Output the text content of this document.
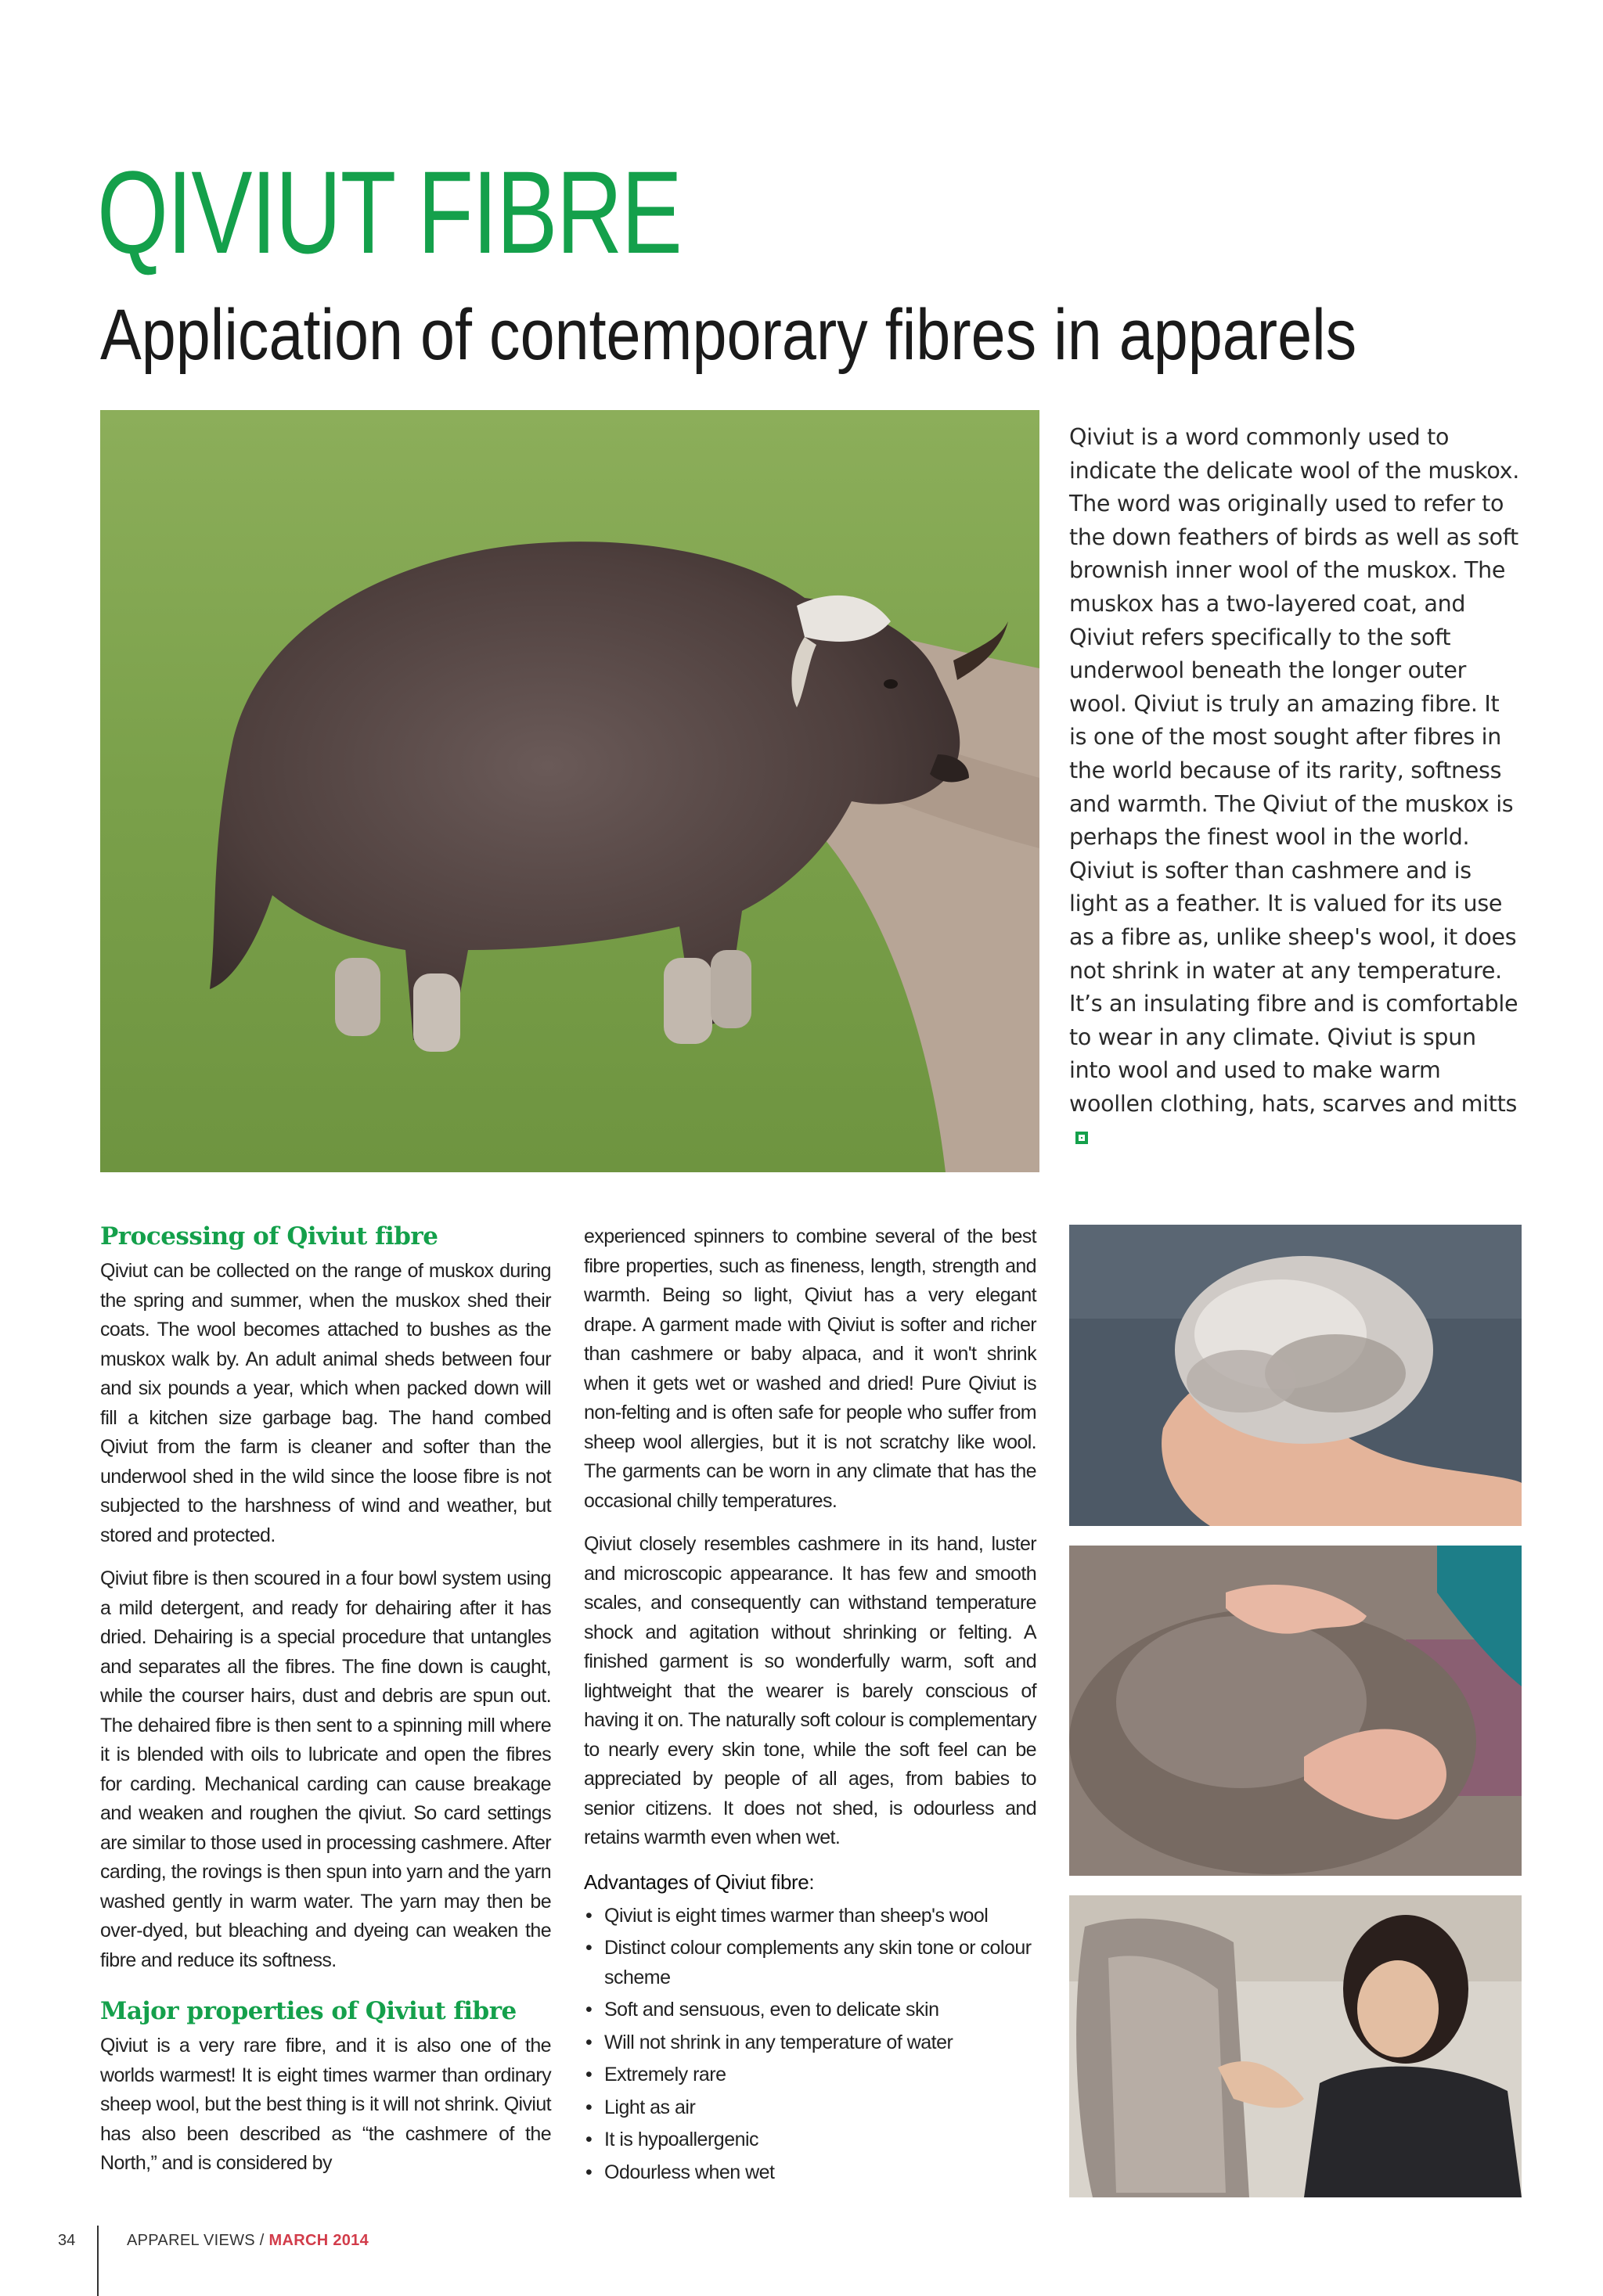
QIVIUT FIBRE
Application of contemporary fibres in apparels

Qiviut is a word commonly used to indicate the delicate wool of the muskox. The word was originally used to refer to the down feathers of birds as well as soft brownish inner wool of the muskox. The muskox has a two-layered coat, and Qiviut refers specifically to the soft underwool beneath the longer outer wool. Qiviut is truly an amazing fibre. It is one of the most sought after fibres in the world because of its rarity, softness and warmth. The Qiviut of the muskox is perhaps the finest wool in the world. Qiviut is softer than cashmere and is light as a feather. It is valued for its use as a fibre as, unlike sheep's wool, it does not shrink in water at any temperature. It’s an insulating fibre and is comfortable to wear in any climate. Qiviut is spun into wool and used to make warm woollen clothing, hats, scarves and mitts

Processing of Qiviut fibre

Qiviut can be collected on the range of muskox during the spring and summer, when the muskox shed their coats. The wool becomes attached to bushes as the muskox walk by. An adult animal sheds between four and six pounds a year, which when packed down will fill a kitchen size garbage bag. The hand combed Qiviut from the farm is cleaner and softer than the underwool shed in the wild since the loose fibre is not subjected to the harshness of wind and weather, but stored and protected.

Qiviut fibre is then scoured in a four bowl system using a mild detergent, and ready for dehairing after it has dried. Dehairing is a special procedure that untangles and separates all the fibres. The fine down is caught, while the courser hairs, dust and debris are spun out. The dehaired fibre is then sent to a spinning mill where it is blended with oils to lubricate and open the fibres for carding. Mechanical carding can cause breakage and weaken and roughen the qiviut. So card settings are similar to those used in processing cashmere. After carding, the rovings is then spun into yarn and the yarn washed gently in warm water. The yarn may then be over-dyed, but bleaching and dyeing can weaken the fibre and reduce its softness.

Major properties of Qiviut fibre

Qiviut is a very rare fibre, and it is also one of the worlds warmest! It is eight times warmer than ordinary sheep wool, but the best thing is it will not shrink. Qiviut has also been described as “the cashmere of the North,” and is considered by

experienced spinners to combine several of the best fibre properties, such as fineness, length, strength and warmth. Being so light, Qiviut has a very elegant drape. A garment made with Qiviut is softer and richer than cashmere or baby alpaca, and it won't shrink when it gets wet or washed and dried! Pure Qiviut is non-felting and is often safe for people who suffer from sheep wool allergies, but it is not scratchy like wool. The garments can be worn in any climate that has the occasional chilly temperatures.

Qiviut closely resembles cashmere in its hand, luster and microscopic appearance. It has few and smooth scales, and consequently can withstand temperature shock and agitation without shrinking or felting. A finished garment is so wonderfully warm, soft and lightweight that the wearer is barely conscious of having it on. The naturally soft colour is complementary to nearly every skin tone, while the soft feel can be appreciated by people of all ages, from babies to senior citizens. It does not shed, is odourless and retains warmth even when wet.

Advantages of Qiviut fibre:
• Qiviut is eight times warmer than sheep's wool
• Distinct colour complements any skin tone or colour scheme
• Soft and sensuous, even to delicate skin
• Will not shrink in any temperature of water
• Extremely rare
• Light as air
• It is hypoallergenic
• Odourless when wet
34	APPAREL VIEWS / MARCH 2014
